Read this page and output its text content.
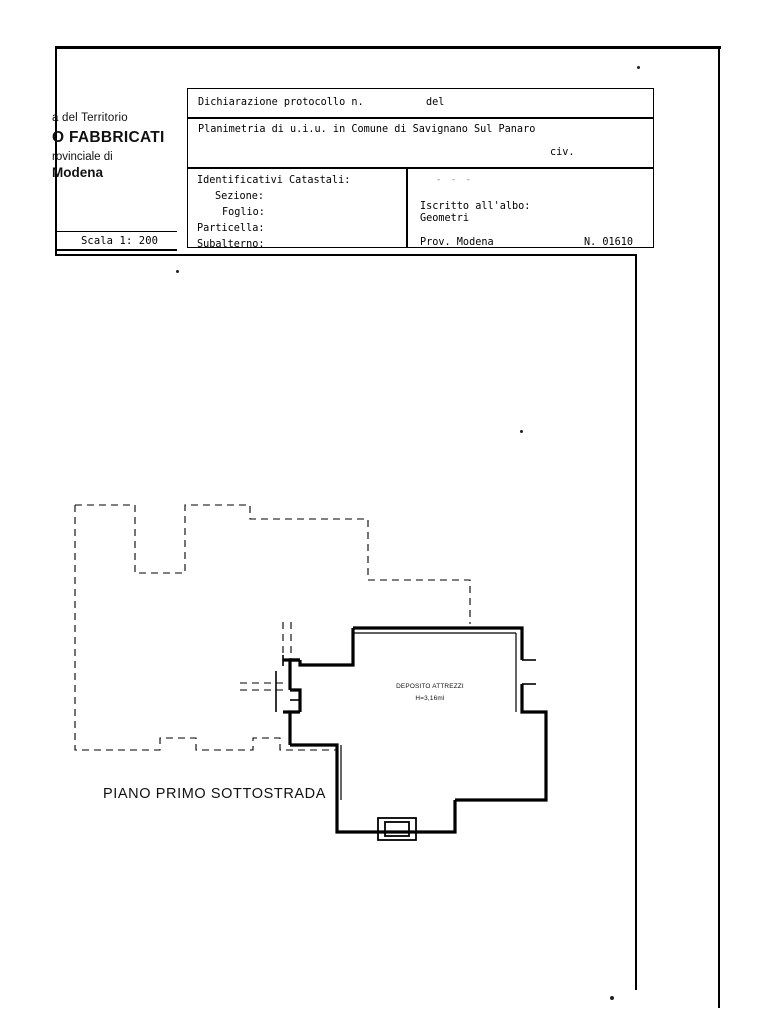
a del Territorio
O FABBRICATI
rovinciale di
Modena
Scala 1: 200
Dichiarazione protocollo n.	del
Planimetria di u.i.u. in Comune di Savignano Sul Panaro
civ.
Identificativi Catastali:
Sezione:
Foglio:
Particella:
Subalterno:
- - -
Iscritto all'albo:
Geometri
Prov. Modena	N. 01610
DEPOSITO ATTREZZI
H=3,16ml
PIANO PRIMO SOTTOSTRADA
